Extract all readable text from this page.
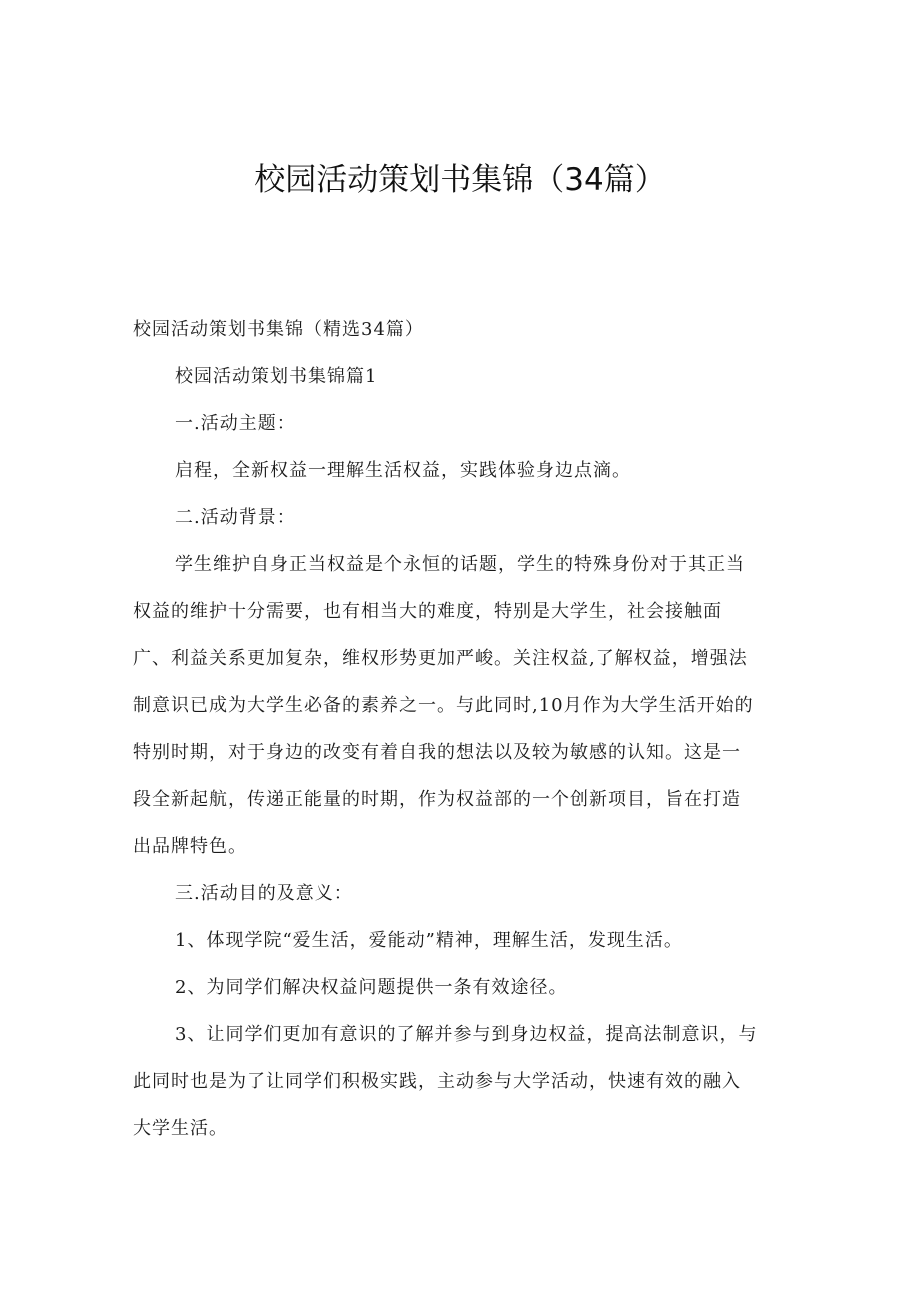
校园活动策划书集锦（34篇）

校园活动策划书集锦（精选34篇）

校园活动策划书集锦篇1

一.活动主题：

启程，全新权益一理解生活权益，实践体验身边点滴。

二.活动背景：

学生维护自身正当权益是个永恒的话题，学生的特殊身份对于其正当
权益的维护十分需要，也有相当大的难度，特别是大学生，社会接触面
广、利益关系更加复杂，维权形势更加严峻。关注权益,了解权益，增强法
制意识已成为大学生必备的素养之一。与此同时,10月作为大学生活开始的
特别时期，对于身边的改变有着自我的想法以及较为敏感的认知。这是一
段全新起航，传递正能量的时期，作为权益部的一个创新项目，旨在打造
出品牌特色。

三.活动目的及意义：

1、体现学院“爱生活，爱能动”精神，理解生活，发现生活。

2、为同学们解决权益问题提供一条有效途径。

3、让同学们更加有意识的了解并参与到身边权益，提高法制意识，与
此同时也是为了让同学们积极实践，主动参与大学活动，快速有效的融入
大学生活。
